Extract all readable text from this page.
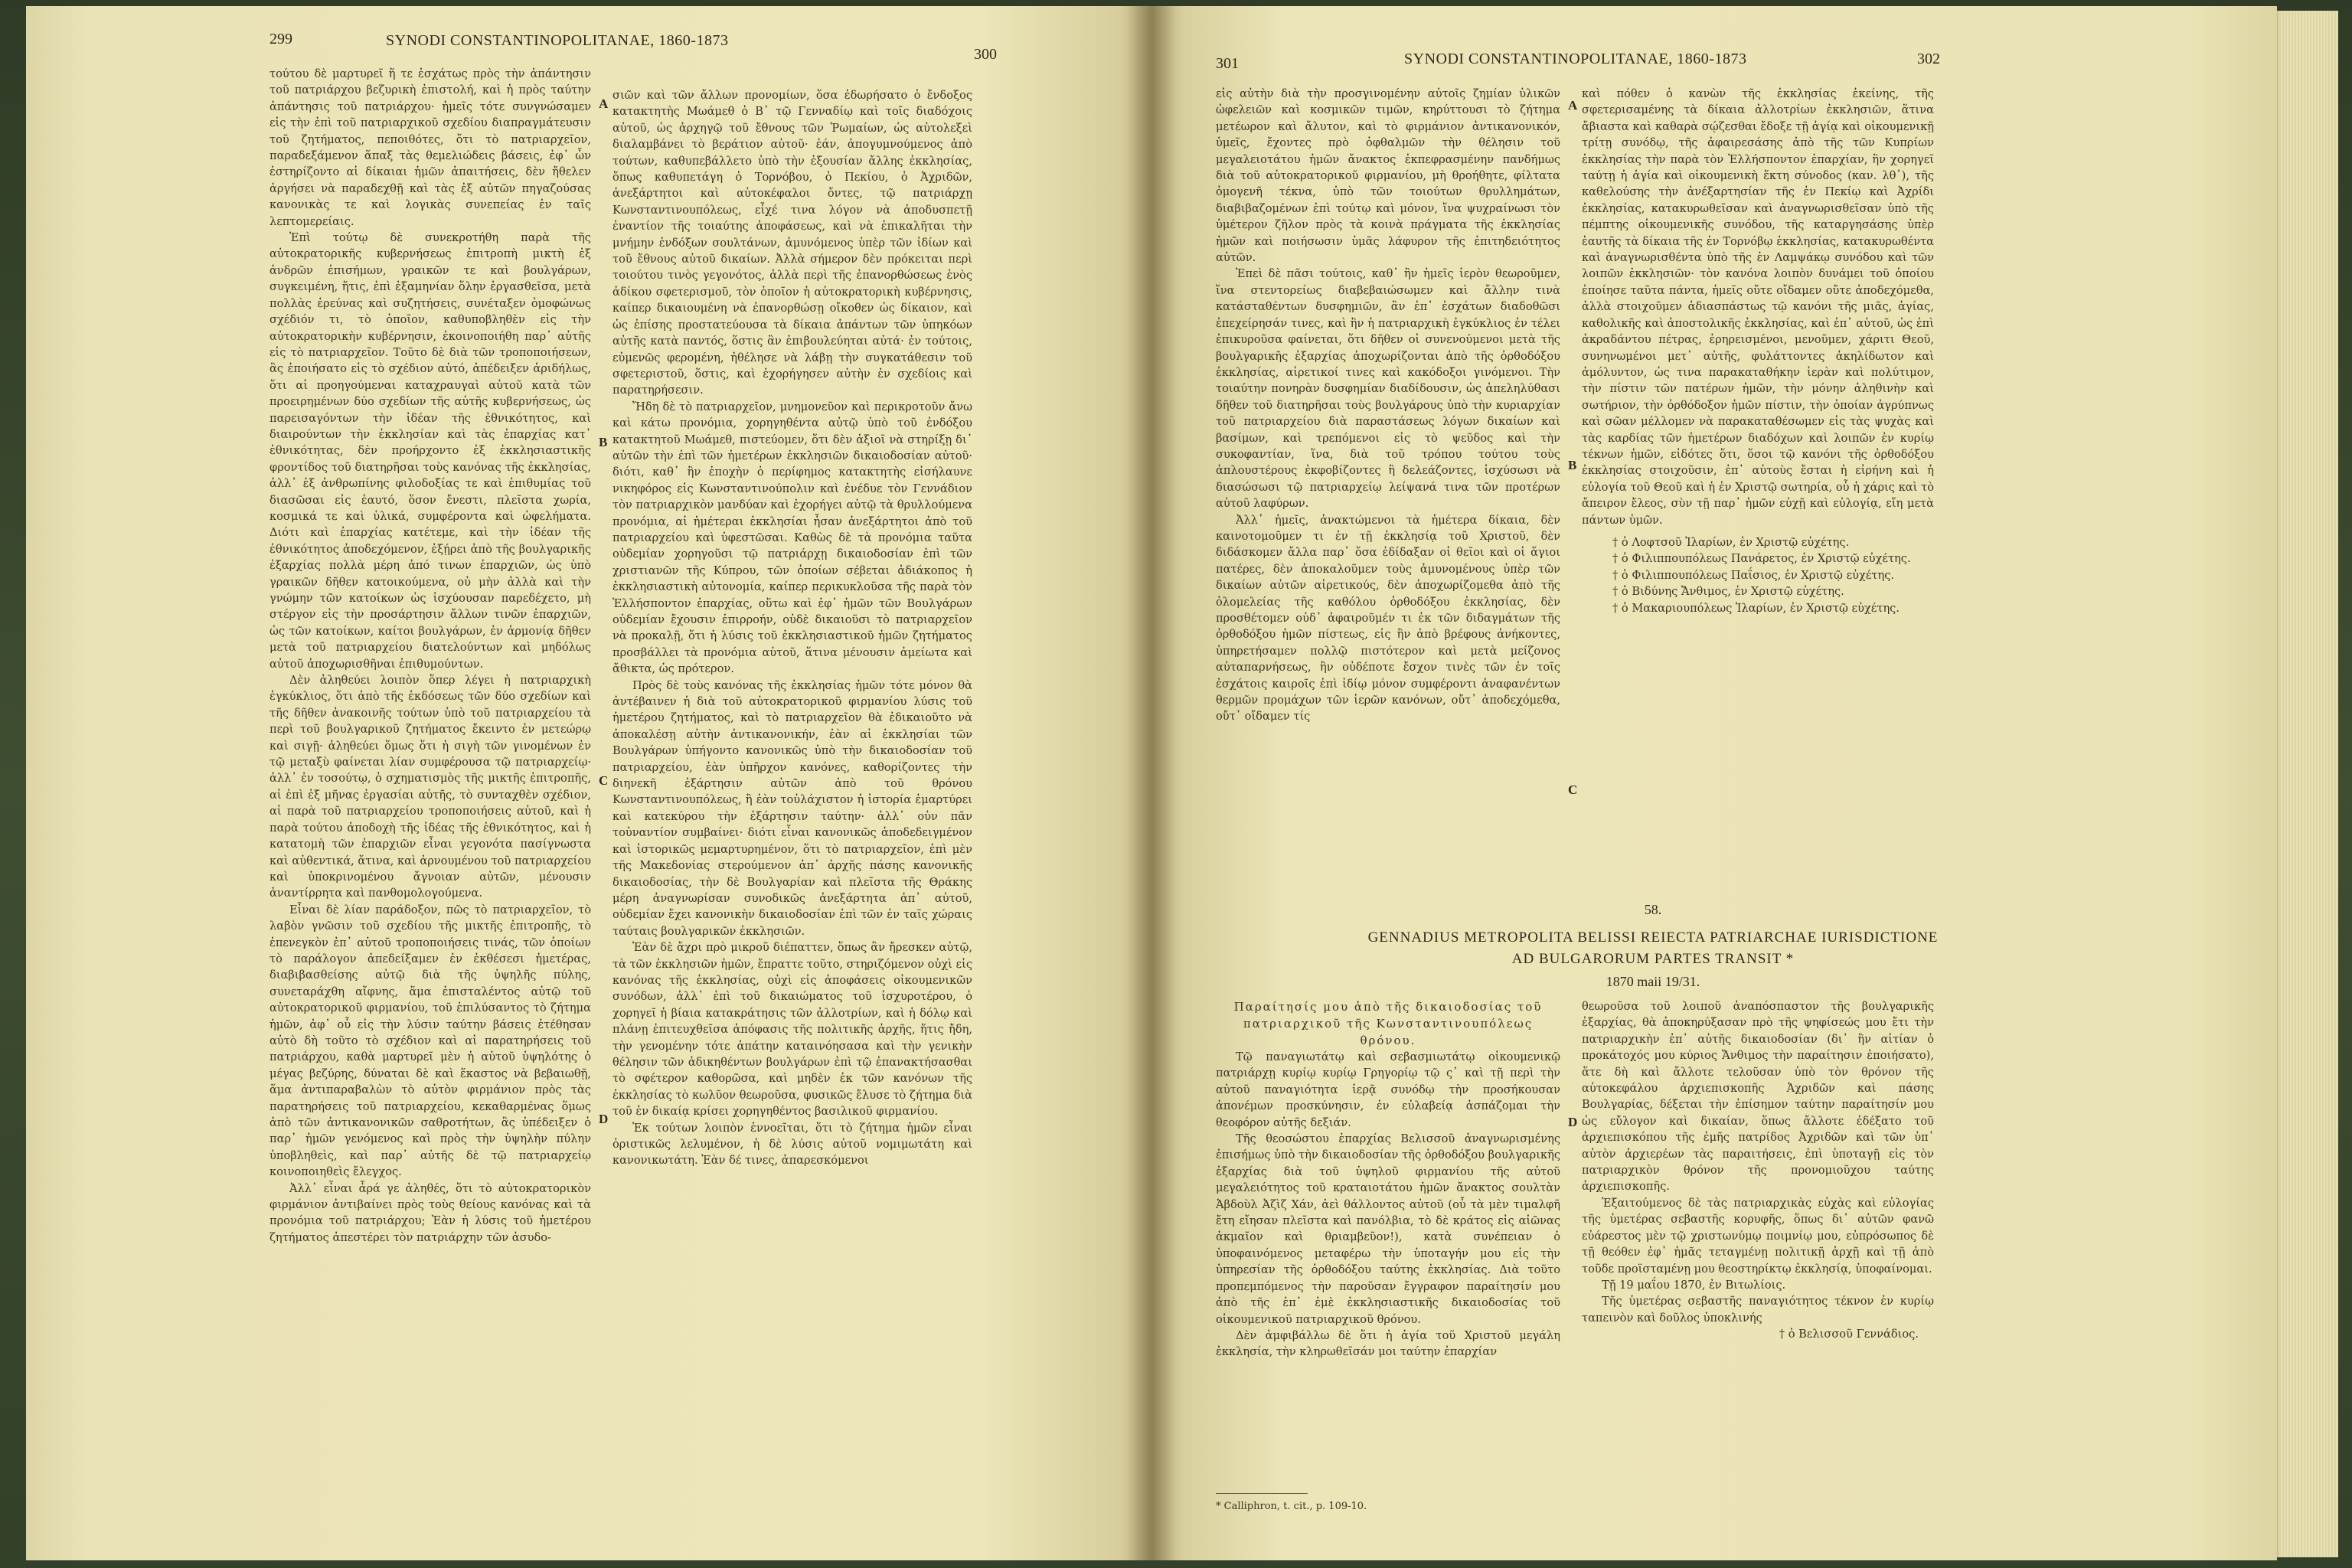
299	SYNODI CONSTANTINOPOLITANAE, 1860-1873
300

τούτου δὲ μαρτυρεῖ ἥ τε ἐσχάτως πρὸς τὴν ἀπάντησιν τοῦ πατριάρχου βεζυρικὴ ἐπιστολή, καὶ ἡ πρὸς ταύτην ἀπάντησις τοῦ πατριάρχου· ἡμεῖς τότε συνγνώσαμεν εἰς τὴν ἐπὶ τοῦ πατριαρχικοῦ σχεδίου διαπραγμάτευσιν τοῦ ζητήματος, πεποιθότες, ὅτι τὸ πατριαρχεῖον, παραδεξάμενον ἅπαξ τὰς θεμελιώδεις βάσεις, ἐφ᾽ ὧν ἐστηρίζοντο αἱ δίκαιαι ἡμῶν ἀπαιτήσεις, δὲν ἤθελεν ἀργήσει νὰ παραδεχθῇ καὶ τὰς ἐξ αὐτῶν πηγαζούσας κανονικὰς τε καὶ λογικὰς συνεπείας ἐν ταῖς λεπτομερείαις.

Ἐπὶ τούτῳ δὲ συνεκροτήθη παρὰ τῆς αὐτοκρατορικῆς κυβερνήσεως ἐπιτροπὴ μικτὴ ἐξ ἀνδρῶν ἐπισήμων, γραικῶν τε καὶ βουλγάρων, συγκειμένη, ἥτις, ἐπὶ ἐξαμηνίαν ὅλην ἐργασθεῖσα, μετὰ πολλὰς ἐρεύνας καὶ συζητήσεις, συνέταξεν ὁμοφώνως σχέδιόν τι, τὸ ὁποῖον, καθυποβληθὲν εἰς τὴν αὐτοκρατορικὴν κυβέρνησιν, ἐκοινοποιήθη παρ᾽ αὐτῆς εἰς τὸ πατριαρχεῖον. Τοῦτο δὲ διὰ τῶν τροποποιήσεων, ἃς ἐποιήσατο εἰς τὸ σχέδιον αὐτό, ἀπέδειξεν ἀριδήλως, ὅτι αἱ προηγούμεναι καταχραυγαὶ αὐτοῦ κατὰ τῶν προειρημένων δύο σχεδίων τῆς αὐτῆς κυβερνήσεως, ὡς παρεισαγόντων τὴν ἰδέαν τῆς ἐθνικότητος, καὶ διαιρούντων τὴν ἐκκλησίαν καὶ τὰς ἐπαρχίας κατ᾽ ἐθνικότητας, δὲν προήρχοντο ἐξ ἐκκλησιαστικῆς φροντίδος τοῦ διατηρῆσαι τοὺς κανόνας τῆς ἐκκλησίας, ἀλλ᾽ ἐξ ἀνθρωπίνης φιλοδοξίας τε καὶ ἐπιθυμίας τοῦ διασῶσαι εἰς ἑαυτό, ὅσον ἔνεστι, πλεῖστα χωρία, κοσμικά τε καὶ ὑλικά, συμφέροντα καὶ ὠφελήματα. Διότι καὶ ἐπαρχίας κατέτεμε, καὶ τὴν ἰδέαν τῆς ἐθνικότητος ἀποδεχόμενον, ἐξῄρει ἀπὸ τῆς βουλγαρικῆς ἐξαρχίας πολλὰ μέρη ἀπό τινων ἐπαρχιῶν, ὡς ὑπὸ γραικῶν δῆθεν κατοικούμενα, οὐ μὴν ἀλλὰ καὶ τὴν γνώμην τῶν κατοίκων ὡς ἰσχύουσαν παρεδέχετο, μὴ στέργον εἰς τὴν προσάρτησιν ἄλλων τινῶν ἐπαρχιῶν, ὡς τῶν κατοίκων, καίτοι βουλγάρων, ἐν ἁρμονίᾳ δῆθεν μετὰ τοῦ πατριαρχείου διατελούντων καὶ μηδόλως αὐτοῦ ἀποχωρισθῆναι ἐπιθυμούντων.

Δὲν ἀληθεύει λοιπὸν ὅπερ λέγει ἡ πατριαρχικὴ ἐγκύκλιος, ὅτι ἀπὸ τῆς ἐκδόσεως τῶν δύο σχεδίων καὶ τῆς δῆθεν ἀνακοινῆς τούτων ὑπὸ τοῦ πατριαρχείου τὰ περὶ τοῦ βουλγαρικοῦ ζητήματος ἔκειντο ἐν μετεώρῳ καὶ σιγῇ· ἀληθεύει ὅμως ὅτι ἡ σιγὴ τῶν γινομένων ἐν τῷ μεταξὺ φαίνεται λίαν συμφέρουσα τῷ πατριαρχείῳ· ἀλλ᾽ ἐν τοσούτῳ, ὁ σχηματισμὸς τῆς μικτῆς ἐπιτροπῆς, αἱ ἐπὶ ἐξ μῆνας ἐργασίαι αὐτῆς, τὸ συνταχθὲν σχέδιον, αἱ παρὰ τοῦ πατριαρχείου τροποποιήσεις αὐτοῦ, καὶ ἡ παρὰ τούτου ἀποδοχὴ τῆς ἰδέας τῆς ἐθνικότητος, καὶ ἡ κατατομὴ τῶν ἐπαρχιῶν εἶναι γεγονότα πασίγνωστα καὶ αὐθεντικά, ἅτινα, καὶ ἀρνουμένου τοῦ πατριαρχείου καὶ ὑποκρινομένου ἄγνοιαν αὐτῶν, μένουσιν ἀναντίρρητα καὶ πανθομολογούμενα.

Εἶναι δὲ λίαν παράδοξον, πῶς τὸ πατριαρχεῖον, τὸ λαβὸν γνῶσιν τοῦ σχεδίου τῆς μικτῆς ἐπιτροπῆς, τὸ ἐπενεγκὸν ἐπ᾽ αὐτοῦ τροποποιήσεις τινάς, τῶν ὁποίων τὸ παράλογον ἀπεδείξαμεν ἐν ἐκθέσεσι ἡμετέρας, διαβιβασθείσης αὐτῷ διὰ τῆς ὑψηλῆς πύλης, συνεταράχθη αἴφνης, ἅμα ἐπισταλέντος αὐτῷ τοῦ αὐτοκρατορικοῦ φιρμανίου, τοῦ ἐπιλύσαντος τὸ ζήτημα ἡμῶν, ἀφ᾽ οὗ εἰς τὴν λύσιν ταύτην βάσεις ἐτέθησαν αὐτὸ δὴ τοῦτο τὸ σχέδιον καὶ αἱ παρατηρήσεις τοῦ πατριάρχου, καθὰ μαρτυρεῖ μὲν ἡ αὐτοῦ ὑψηλότης ὁ μέγας βεζύρης, δύναται δὲ καὶ ἕκαστος νὰ βεβαιωθῇ, ἅμα ἀντιπαραβαλὼν τὸ αὐτὸν φιρμάνιον πρὸς τὰς παρατηρήσεις τοῦ πατριαρχείου, κεκαθαρμένας ὅμως ἀπὸ τῶν ἀντικανονικῶν σαθροτήτων, ἃς ὑπέδειξεν ὁ παρ᾽ ἡμῶν γενόμενος καὶ πρὸς τὴν ὑψηλὴν πύλην ὑποβληθεὶς, καὶ παρ᾽ αὐτῆς δὲ τῷ πατριαρχείῳ κοινοποιηθεὶς ἔλεγχος.

Ἀλλ᾽ εἶναι ἆρά γε ἀληθές, ὅτι τὸ αὐτοκρατορικὸν φιρμάνιον ἀντιβαίνει πρὸς τοὺς θείους κανόνας καὶ τὰ προνόμια τοῦ πατριάρχου; Ἐὰν ἡ λύσις τοῦ ἡμετέρου ζητήματος ἀπεστέρει τὸν πατριάρχην τῶν ἀσυδο-

A
B
C
D

σιῶν καὶ τῶν ἄλλων προνομίων, ὅσα ἐδωρήσατο ὁ ἔνδοξος κατακτητὴς Μωάμεθ ὁ Β᾽ τῷ Γενναδίῳ καὶ τοῖς διαδόχοις αὐτοῦ, ὡς ἀρχηγῷ τοῦ ἔθνους τῶν Ῥωμαίων, ὡς αὐτολεξεὶ διαλαμβάνει τὸ βεράτιον αὐτοῦ· ἐάν, ἀπογυμνούμενος ἀπὸ τούτων, καθυπεβάλλετο ὑπὸ τὴν ἐξουσίαν ἄλλης ἐκκλησίας, ὅπως καθυπετάγη ὁ Τορνόβου, ὁ Πεκίου, ὁ Ἀχριδῶν, ἀνεξάρτητοι καὶ αὐτοκέφαλοι ὄντες, τῷ πατριάρχῃ Κωνσταντινουπόλεως, εἶχέ τινα λόγον νὰ ἀποδυσπετῇ ἐναντίον τῆς τοιαύτης ἀποφάσεως, καὶ νὰ ἐπικαλῆται τὴν μνήμην ἐνδόξων σουλτάνων, ἀμυνόμενος ὑπὲρ τῶν ἰδίων καὶ τοῦ ἔθνους αὐτοῦ δικαίων. Ἀλλὰ σήμερον δὲν πρόκειται περὶ τοιούτου τινὸς γεγονότος, ἀλλὰ περὶ τῆς ἐπανορθώσεως ἑνὸς ἀδίκου σφετερισμοῦ, τὸν ὁποῖον ἡ αὐτοκρατορικὴ κυβέρνησις, καίπερ δικαιουμένη νὰ ἐπανορθώσῃ οἴκοθεν ὡς δίκαιον, καὶ ὡς ἐπίσης προστατεύουσα τὰ δίκαια ἁπάντων τῶν ὑπηκόων αὐτῆς κατὰ παντός, ὅστις ἂν ἐπιβουλεύηται αὐτά· ἐν τούτοις, εὐμενῶς φερομένη, ἠθέλησε νὰ λάβῃ τὴν συγκατάθεσιν τοῦ σφετεριστοῦ, ὅστις, καὶ ἐχορήγησεν αὐτὴν ἐν σχεδίοις καὶ παρατηρήσεσιν.

Ἤδη δὲ τὸ πατριαρχεῖον, μνημονεῦον καὶ περικροτοῦν ἄνω καὶ κάτω προνόμια, χορηγηθέντα αὐτῷ ὑπὸ τοῦ ἐνδόξου κατακτητοῦ Μωάμεθ, πιστεύομεν, ὅτι δὲν ἀξιοῖ νὰ στηρίξῃ δι᾽ αὐτῶν τὴν ἐπὶ τῶν ἡμετέρων ἐκκλησιῶν δικαιοδοσίαν αὐτοῦ· διότι, καθ᾽ ἣν ἐποχὴν ὁ περίφημος κατακτητὴς εἰσήλαυνε νικηφόρος εἰς Κωνσταντινούπολιν καὶ ἐνέδυε τὸν Γεννάδιον τὸν πατριαρχικὸν μανδύαν καὶ ἐχορήγει αὐτῷ τὰ θρυλλούμενα προνόμια, αἱ ἡμέτεραι ἐκκλησίαι ἦσαν ἀνεξάρτητοι ἀπὸ τοῦ πατριαρχείου καὶ ὑφεστῶσαι. Καθὼς δὲ τὰ προνόμια ταῦτα οὐδεμίαν χορηγοῦσι τῷ πατριάρχῃ δικαιοδοσίαν ἐπὶ τῶν χριστιανῶν τῆς Κύπρου, τῶν ὁποίων σέβεται ἀδιάκοπος ἡ ἐκκλησιαστικὴ αὐτονομία, καίπερ περικυκλοῦσα τῆς παρὰ τὸν Ἑλλήσποντον ἐπαρχίας, οὕτω καὶ ἐφ᾽ ἡμῶν τῶν Βουλγάρων οὐδεμίαν ἔχουσιν ἐπιρροήν, οὐδὲ δικαιοῦσι τὸ πατριαρχεῖον νὰ προκαλῇ, ὅτι ἡ λύσις τοῦ ἐκκλησιαστικοῦ ἡμῶν ζητήματος προσβάλλει τὰ προνόμια αὐτοῦ, ἅτινα μένουσιν ἀμείωτα καὶ ἄθικτα, ὡς πρότερον.

Πρὸς δὲ τοὺς κανόνας τῆς ἐκκλησίας ἡμῶν τότε μόνον θὰ ἀντέβαινεν ἡ διὰ τοῦ αὐτοκρατορικοῦ φιρμανίου λύσις τοῦ ἡμετέρου ζητήματος, καὶ τὸ πατριαρχεῖον θὰ ἐδικαιοῦτο νὰ ἀποκαλέσῃ αὐτὴν ἀντικανονικήν, ἐὰν αἱ ἐκκλησίαι τῶν Βουλγάρων ὑπήγοντο κανονικῶς ὑπὸ τὴν δικαιοδοσίαν τοῦ πατριαρχείου, ἐὰν ὑπῆρχον κανόνες, καθορίζοντες τὴν διηνεκῆ ἐξάρτησιν αὐτῶν ἀπὸ τοῦ θρόνου Κωνσταντινουπόλεως, ἢ ἐὰν τοὐλάχιστον ἡ ἱστορία ἐμαρτύρει καὶ κατεκύρου τὴν ἐξάρτησιν ταύτην· ἀλλ᾽ οὐν πᾶν τοὐναντίον συμβαίνει· διότι εἶναι κανονικῶς ἀποδεδειγμένον καὶ ἱστορικῶς μεμαρτυρημένον, ὅτι τὸ πατριαρχεῖον, ἐπὶ μὲν τῆς Μακεδονίας στερούμενον ἀπ᾽ ἀρχῆς πάσης κανονικῆς δικαιοδοσίας, τὴν δὲ Βουλγαρίαν καὶ πλεῖστα τῆς Θράκης μέρη ἀναγνωρίσαν συνοδικῶς ἀνεξάρτητα ἀπ᾽ αὐτοῦ, οὐδεμίαν ἔχει κανονικὴν δικαιοδοσίαν ἐπὶ τῶν ἐν ταῖς χώραις ταύταις βουλγαρικῶν ἐκκλησιῶν.

Ἐὰν δὲ ἄχρι πρὸ μικροῦ διέπαττεν, ὅπως ἂν ἤρεσκεν αὐτῷ, τὰ τῶν ἐκκλησιῶν ἡμῶν, ἔπραττε τοῦτο, στηριζόμενον οὐχὶ εἰς κανόνας τῆς ἐκκλησίας, οὐχὶ εἰς ἀποφάσεις οἰκουμενικῶν συνόδων, ἀλλ᾽ ἐπὶ τοῦ δικαιώματος τοῦ ἰσχυροτέρου, ὁ χορηγεῖ ἡ βίαια κατακράτησις τῶν ἀλλοτρίων, καὶ ἡ δόλῳ καὶ πλάνῃ ἐπιτευχθεῖσα ἀπόφασις τῆς πολιτικῆς ἀρχῆς, ἥτις ἤδη, τὴν γενομένην τότε ἀπάτην καταινόησασα καὶ τὴν γενικὴν θέλησιν τῶν ἀδικηθέντων βουλγάρων ἐπὶ τῷ ἐπανακτήσασθαι τὸ σφέτερον καθορῶσα, καὶ μηδὲν ἐκ τῶν κανόνων τῆς ἐκκλησίας τὸ κωλῦον θεωροῦσα, φυσικῶς ἔλυσε τὸ ζήτημα διὰ τοῦ ἐν δικαίᾳ κρίσει χορηγηθέντος βασιλικοῦ φιρμανίου.

Ἐκ τούτων λοιπὸν ἐννοεῖται, ὅτι τὸ ζήτημα ἡμῶν εἶναι ὁριστικῶς λελυμένον, ἡ δὲ λύσις αὐτοῦ νομιμωτάτη καὶ κανονικωτάτη. Ἐὰν δέ τινες, ἀπαρεσκόμενοι

301	SYNODI CONSTANTINOPOLITANAE, 1860-1873	302

εἰς αὐτὴν διὰ τὴν προσγινομένην αὐτοῖς ζημίαν ὑλικῶν ὠφελειῶν καὶ κοσμικῶν τιμῶν, κηρύττουσι τὸ ζήτημα μετέωρον καὶ ἄλυτον, καὶ τὸ φιρμάνιον ἀντικανονικόν, ὑμεῖς, ἔχοντες πρὸ ὀφθαλμῶν τὴν θέλησιν τοῦ μεγαλειοτάτου ἡμῶν ἄνακτος ἐκπεφρασμένην πανδήμως διὰ τοῦ αὐτοκρατορικοῦ φιρμανίου, μὴ θροήθητε, φίλτατα ὁμογενῆ τέκνα, ὑπὸ τῶν τοιούτων θρυλλημάτων, διαβιβαζομένων ἐπὶ τούτῳ καὶ μόνον, ἵνα ψυχραίνωσι τὸν ὑμέτερον ζῆλον πρὸς τὰ κοινὰ πράγματα τῆς ἐκκλησίας ἡμῶν καὶ ποιήσωσιν ὑμᾶς λάφυρον τῆς ἐπιτηδειότητος αὐτῶν.

Ἐπεὶ δὲ πᾶσι τούτοις, καθ᾽ ἣν ἡμεῖς ἱερὸν θεωροῦμεν, ἵνα στεντορείως διαβεβαιώσωμεν καὶ ἄλλην τινὰ κατάσταθέντων δυσφημιῶν, ἂν ἐπ᾽ ἐσχάτων διαδοθῶσι ἐπεχείρησάν τινες, καὶ ἣν ἡ πατριαρχικὴ ἐγκύκλιος ἐν τέλει ἐπικυροῦσα φαίνεται, ὅτι δῆθεν οἱ συνενούμενοι μετὰ τῆς βουλγαρικῆς ἐξαρχίας ἀποχωρίζονται ἀπὸ τῆς ὀρθοδόξου ἐκκλησίας, αἱρετικοί τινες καὶ κακόδοξοι γινόμενοι. Τὴν τοιαύτην πονηρὰν δυσφημίαν διαδίδουσιν, ὡς ἀπεληλύθασι δῆθεν τοῦ διατηρῆσαι τοὺς βουλγάρους ὑπὸ τὴν κυριαρχίαν τοῦ πατριαρχείου διὰ παραστάσεως λόγων δικαίων καὶ βασίμων, καὶ τρεπόμενοι εἰς τὸ ψεῦδος καὶ τὴν συκοφαντίαν, ἵνα, διὰ τοῦ τρόπου τούτου τοὺς ἁπλουστέρους ἐκφοβίζοντες ἢ δελεάζοντες, ἰσχύσωσι νὰ διασώσωσι τῷ πατριαρχείῳ λείψανά τινα τῶν προτέρων αὐτοῦ λαφύρων.

Ἀλλ᾽ ἡμεῖς, ἀνακτώμενοι τὰ ἡμέτερα δίκαια, δὲν καινοτομοῦμεν τι ἐν τῇ ἐκκλησίᾳ τοῦ Χριστοῦ, δὲν διδάσκομεν ἄλλα παρ᾽ ὅσα ἐδίδαξαν οἱ θεῖοι καὶ οἱ ἅγιοι πατέρες, δὲν ἀποκαλοῦμεν τοὺς ἀμυνομένους ὑπὲρ τῶν δικαίων αὐτῶν αἱρετικούς, δὲν ἀποχωρίζομεθα ἀπὸ τῆς ὁλομελείας τῆς καθόλου ὀρθοδόξου ἐκκλησίας, δὲν προσθέτομεν οὐδ᾽ ἀφαιροῦμέν τι ἐκ τῶν διδαγμάτων τῆς ὀρθοδόξου ἡμῶν πίστεως, εἰς ἣν ἀπὸ βρέφους ἀνήκοντες, ὑπηρετήσαμεν πολλῷ πιστότερον καὶ μετὰ μείζονος αὐταπαρνήσεως, ἢν οὐδέποτε ἔσχον τινὲς τῶν ἐν τοῖς ἐσχάτοις καιροῖς ἐπὶ ἰδίῳ μόνον συμφέροντι ἀναφανέντων θερμῶν προμάχων τῶν ἱερῶν κανόνων, οὔτ᾽ ἀποδεχόμεθα, οὔτ᾽ οἴδαμεν τίς

A
B
C
D

καὶ πόθεν ὁ κανὼν τῆς ἐκκλησίας ἐκείνης, τῆς σφετερισαμένης τὰ δίκαια ἀλλοτρίων ἐκκλησιῶν, ἅτινα ἄβιαστα καὶ καθαρὰ σῴζεσθαι ἔδοξε τῇ ἁγίᾳ καὶ οἰκουμενικῇ τρίτῃ συνόδῳ, τῆς ἀφαιρεσάσης ἀπὸ τῆς τῶν Κυπρίων ἐκκλησίας τὴν παρὰ τὸν Ἑλλήσποντον ἐπαρχίαν, ἣν χορηγεῖ ταύτῃ ἡ ἁγία καὶ οἰκουμενικὴ ἕκτη σύνοδος (καν. λθ᾽), τῆς καθελούσης τὴν ἀνέξαρτησίαν τῆς ἐν Πεκίῳ καὶ Ἀχρίδι ἐκκλησίας, κατακυρωθεῖσαν καὶ ἀναγνωρισθεῖσαν ὑπὸ τῆς πέμπτης οἰκουμενικῆς συνόδου, τῆς καταργησάσης ὑπὲρ ἑαυτῆς τὰ δίκαια τῆς ἐν Τορνόβῳ ἐκκλησίας, κατακυρωθέντα καὶ ἀναγνωρισθέντα ὑπὸ τῆς ἐν Λαμψάκῳ συνόδου καὶ τῶν λοιπῶν ἐκκλησιῶν· τὸν κανόνα λοιπὸν δυνάμει τοῦ ὁποίου ἐποίησε ταῦτα πάντα, ἡμεῖς οὔτε οἴδαμεν οὔτε ἀποδεχόμεθα, ἀλλὰ στοιχοῦμεν ἀδιασπάστως τῷ κανόνι τῆς μιᾶς, ἁγίας, καθολικῆς καὶ ἀποστολικῆς ἐκκλησίας, καὶ ἐπ᾽ αὐτοῦ, ὡς ἐπὶ ἀκραδάντου πέτρας, ἐρηρεισμένοι, μενοῦμεν, χάριτι Θεοῦ, συνηνωμένοι μετ᾽ αὐτῆς, φυλάττοντες ἀκηλίδωτον καὶ ἀμόλυντον, ὡς τινα παρακαταθήκην ἱερὰν καὶ πολύτιμον, τὴν πίστιν τῶν πατέρων ἡμῶν, τὴν μόνην ἀληθινὴν καὶ σωτήριον, τὴν ὀρθόδοξον ἡμῶν πίστιν, τὴν ὁποίαν ἀγρύπνως καὶ σῶαν μέλλομεν νὰ παρακαταθέσωμεν εἰς τὰς ψυχὰς καὶ τὰς καρδίας τῶν ἡμετέρων διαδόχων καὶ λοιπῶν ἐν κυρίῳ τέκνων ἡμῶν, εἰδότες ὅτι, ὅσοι τῷ κανόνι τῆς ὀρθοδόξου ἐκκλησίας στοιχοῦσιν, ἐπ᾽ αὐτοὺς ἔσται ἡ εἰρήνη καὶ ἡ εὐλογία τοῦ Θεοῦ καὶ ἡ ἐν Χριστῷ σωτηρία, οὗ ἡ χάρις καὶ τὸ ἄπειρον ἔλεος, σὺν τῇ παρ᾽ ἡμῶν εὐχῇ καὶ εὐλογίᾳ, εἴη μετὰ πάντων ὑμῶν.

† ὁ Λοφτσοῦ Ἱλαρίων, ἐν Χριστῷ εὐχέτης.

† ὁ Φιλιππουπόλεως Πανάρετος, ἐν Χριστῷ εὐχέτης.

† ὁ Φιλιππουπόλεως Παΐσιος, ἐν Χριστῷ εὐχέτης.

† ὁ Βιδύνης Ἄνθιμος, ἐν Χριστῷ εὐχέτης.

† ὁ Μακαριουπόλεως Ἱλαρίων, ἐν Χριστῷ εὐχέτης.

58.
GENNADIUS METROPOLITA BELISSI REIECTA PATRIARCHAE IURISDICTIONE
AD BULGARORUM PARTES TRANSIT *
1870 maii 19/31.

Παραίτησίς μου ἀπὸ τῆς δικαιοδοσίας τοῦ πατριαρχικοῦ τῆς Κωνσταντινουπόλεως θρόνου.

Τῷ παναγιωτάτῳ καὶ σεβασμιωτάτῳ οἰκουμενικῷ πατριάρχῃ κυρίῳ κυρίῳ Γρηγορίῳ τῷ ς᾽ καὶ τῇ περὶ τὴν αὐτοῦ παναγιότητα ἱερᾷ συνόδῳ τὴν προσήκουσαν ἀπονέμων προσκύνησιν, ἐν εὐλαβείᾳ ἀσπάζομαι τὴν θεοφόρον αὐτῆς δεξιάν.

Τῆς θεοσώστου ἐπαρχίας Βελισσοῦ ἀναγνωρισμένης ἐπισήμως ὑπὸ τὴν δικαιοδοσίαν τῆς ὀρθοδόξου βουλγαρικῆς ἐξαρχίας διὰ τοῦ ὑψηλοῦ φιρμανίου τῆς αὐτοῦ μεγαλειότητος τοῦ κραταιοτάτου ἡμῶν ἄνακτος σουλτὰν Ἀβδοὺλ Ἀζὶζ Χάν, ἀεὶ θάλλοντος αὐτοῦ (οὗ τὰ μὲν τιμαλφῆ ἔτη εἴησαν πλεῖστα καὶ πανόλβια, τὸ δὲ κράτος εἰς αἰῶνας ἀκμαῖον καὶ θριαμβεῦον!), κατὰ συνέπειαν ὁ ὑποφαινόμενος μεταφέρω τὴν ὑποταγήν μου εἰς τὴν ὑπηρεσίαν τῆς ὀρθοδόξου ταύτης ἐκκλησίας. Διὰ τοῦτο προπεμπόμενος τὴν παροῦσαν ἔγγραφον παραίτησίν μου ἀπὸ τῆς ἐπ᾽ ἐμὲ ἐκκλησιαστικῆς δικαιοδοσίας τοῦ οἰκουμενικοῦ πατριαρχικοῦ θρόνου.

Δὲν ἀμφιβάλλω δὲ ὅτι ἡ ἁγία τοῦ Χριστοῦ μεγάλη ἐκκλησία, τὴν κληρωθεῖσάν μοι ταύτην ἐπαρχίαν

θεωροῦσα τοῦ λοιποῦ ἀναπόσπαστον τῆς βουλγαρικῆς ἐξαρχίας, θὰ ἀποκηρύξασαν πρὸ τῆς ψηφίσεώς μου ἔτι τὴν πατριαρχικὴν ἐπ᾽ αὐτῆς δικαιοδοσίαν (δι᾽ ἣν αἰτίαν ὁ προκάτοχός μου κύριος Ἄνθιμος τὴν παραίτησιν ἐποιήσατο), ἅτε δὴ καὶ ἄλλοτε τελοῦσαν ὑπὸ τὸν θρόνον τῆς αὐτοκεφάλου ἀρχιεπισκοπῆς Ἀχριδῶν καὶ πάσης Βουλγαρίας, δέξεται τὴν ἐπίσημον ταύτην παραίτησίν μου ὡς εὔλογον καὶ δικαίαν, ὅπως ἄλλοτε ἐδέξατο τοῦ ἀρχιεπισκόπου τῆς ἐμῆς πατρίδος Ἀχριδῶν καὶ τῶν ὑπ᾽ αὐτὸν ἀρχιερέων τὰς παραιτήσεις, ἐπὶ ὑποταγῇ εἰς τὸν πατριαρχικὸν θρόνον τῆς προνομιοῦχου ταύτης ἀρχιεπισκοπῆς.

Ἐξαιτούμενος δὲ τὰς πατριαρχικὰς εὐχὰς καὶ εὐλογίας τῆς ὑμετέρας σεβαστῆς κορυφῆς, ὅπως δι᾽ αὐτῶν φανῶ εὐάρεστος μὲν τῷ χριστωνύμῳ ποιμνίῳ μου, εὐπρόσωπος δὲ τῇ θεόθεν ἐφ᾽ ἡμᾶς τεταγμένῃ πολιτικῇ ἀρχῇ καὶ τῇ ἀπὸ τοῦδε προϊσταμένῃ μου θεοστηρίκτῳ ἐκκλησίᾳ, ὑποφαίνομαι.

Τῇ 19 μαΐου 1870, ἐν Βιτωλίοις.

Τῆς ὑμετέρας σεβαστῆς παναγιότητος τέκνον ἐν κυρίῳ ταπεινὸν καὶ δοῦλος ὑποκλινής

† ὁ Βελισσοῦ Γεννάδιος.

* Calliphron, t. cit., p. 109-10.
